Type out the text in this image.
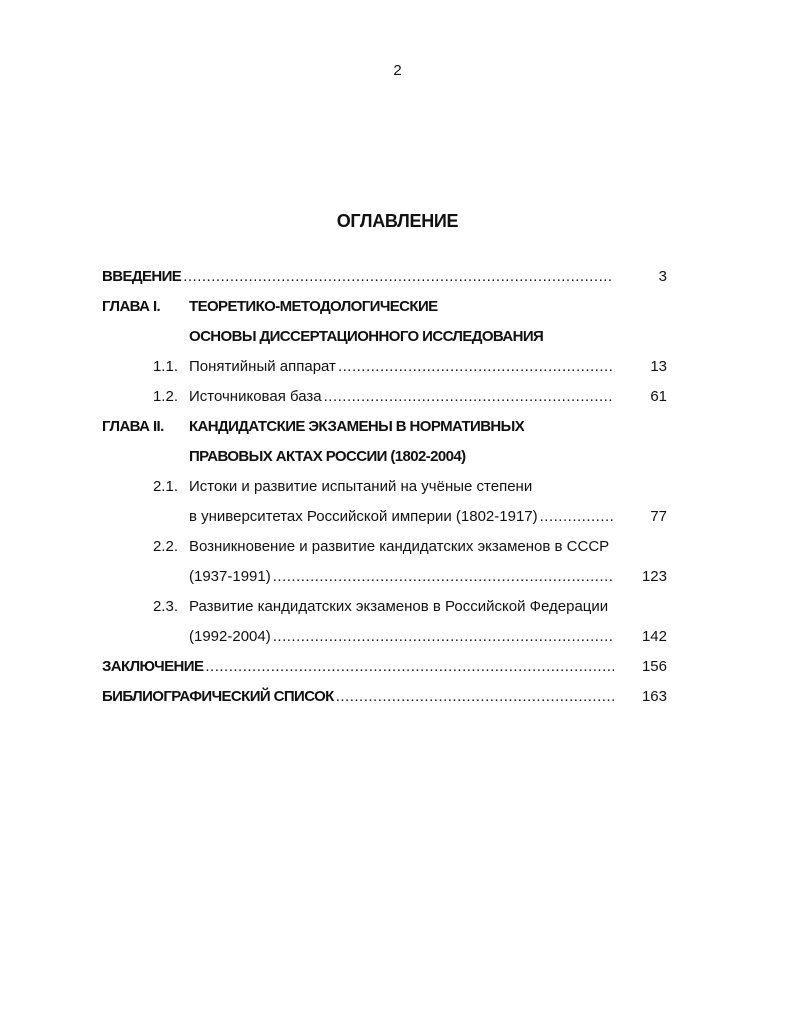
2
ОГЛАВЛЕНИЕ
ВВЕДЕНИЕ .....	3
ГЛАВА I. ТЕОРЕТИКО-МЕТОДОЛОГИЧЕСКИЕ
ОСНОВЫ ДИССЕРТАЦИОННОГО ИССЛЕДОВАНИЯ
1.1. Понятийный аппарат .....	13
1.2. Источниковая база .....	61
ГЛАВА II. КАНДИДАТСКИЕ ЭКЗАМЕНЫ В НОРМАТИВНЫХ
ПРАВОВЫХ АКТАХ РОССИИ (1802-2004)
2.1. Истоки и развитие испытаний на учёные степени
в университетах Российской империи (1802-1917) .....	77
2.2. Возникновение и развитие кандидатских экзаменов в СССР
(1937-1991) .....	123
2.3. Развитие кандидатских экзаменов в Российской Федерации
(1992-2004) .....	142
ЗАКЛЮЧЕНИЕ .....	156
БИБЛИОГРАФИЧЕСКИЙ СПИСОК .....	163
